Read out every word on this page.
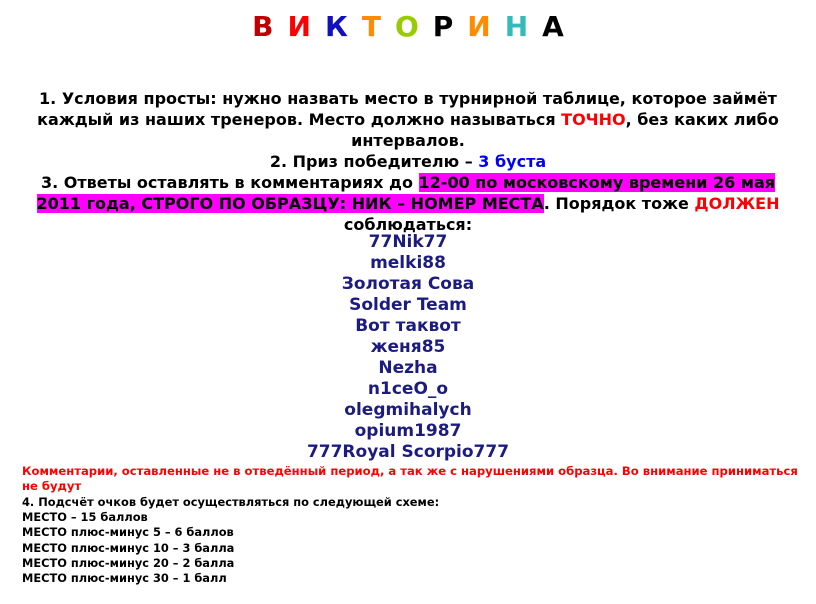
ВИКТОРИНА

1. Условия просты: нужно назвать место в турнирной таблице, которое займёт каждый из наших тренеров. Место должно называться ТОЧНО, без каких либо интервалов.

2. Приз победителю – 3 буста

3. Ответы оставлять в комментариях до 12-00 по московскому времени 26 мая 2011 года, СТРОГО ПО ОБРАЗЦУ: НИК – НОМЕР МЕСТА. Порядок тоже ДОЛЖЕН соблюдаться:

77Nik77
melki88
Золотая Сова
Solder Team
Вот таквот
женя85
Nezha
n1ceO_o
olegmihalych
opium1987
777Royal Scorpio777
Комментарии, оставленные не в отведённый период, а так же с нарушениями образца. Во внимание приниматься не будут
4. Подсчёт очков будет осуществляться по следующей схеме:
МЕСТО – 15 баллов
МЕСТО плюс-минус 5 – 6 баллов
МЕСТО плюс-минус 10 – 3 балла
МЕСТО плюс-минус 20 – 2 балла
МЕСТО плюс-минус 30 – 1 балл
